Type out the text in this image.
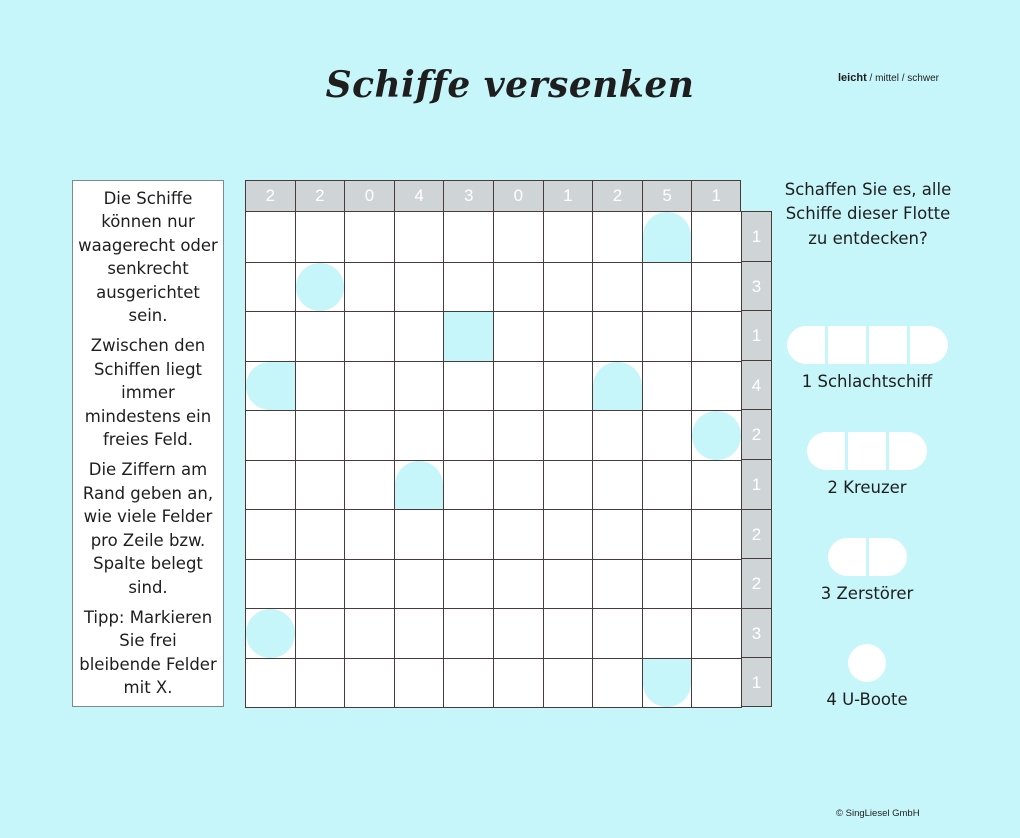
Schiffe versenken	leicht / mittel / schwer

Die Schiffe können nur waagerecht oder senkrecht ausgerichtet sein.

Zwischen den Schiffen liegt immer mindestens ein freies Feld.

Die Ziffern am Rand geben an, wie viele Felder pro Zeile bzw. Spalte belegt sind.

Tipp: Markieren Sie frei bleibende Felder mit X.

2	2	0	4	3	0	1	2	5	1
1
3
1
4
2
1
2
2
3
1
Schaffen Sie es, alle Schiffe dieser Flotte zu entdecken?
1 Schlachtschiff
2 Kreuzer
3 Zerstörer
4 U-Boote
© SingLiesel GmbH
